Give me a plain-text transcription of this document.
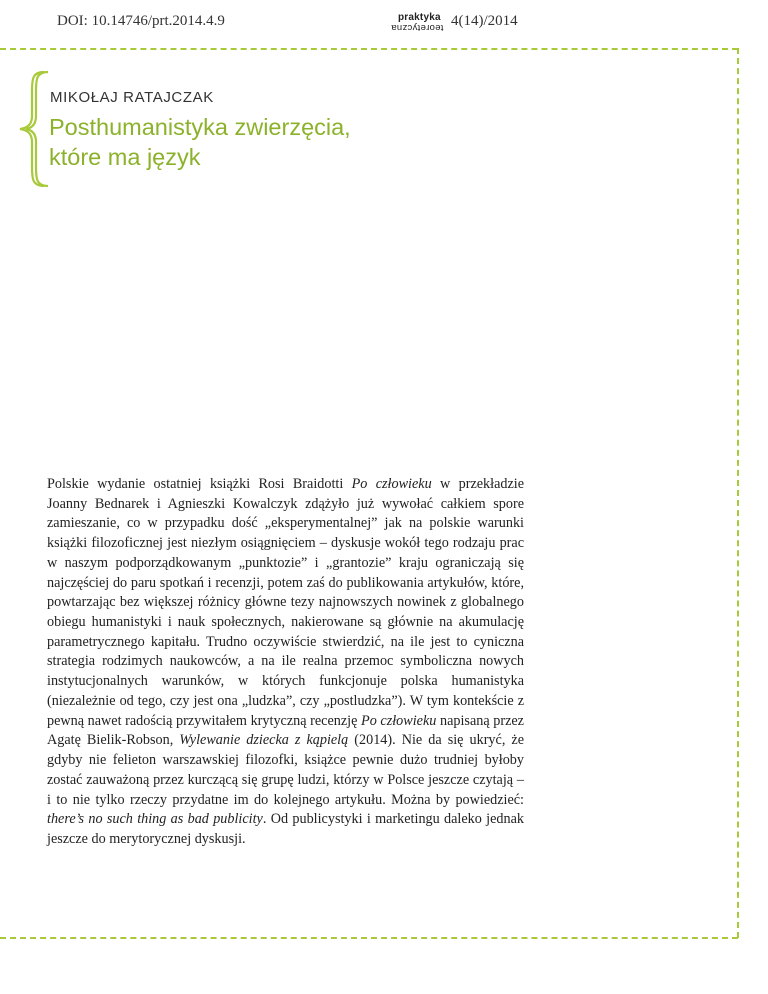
DOI: 10.14746/prt.2014.4.9	praktyka
teoretyczna 4(14)/2014
MIKOŁAJ RATAJCZAK
Posthumanistyka zwierzęcia,
które ma język

Polskie wydanie ostatniej książki Rosi Braidotti Po człowieku w przekładzie Joanny Bednarek i Agnieszki Kowalczyk zdążyło już wywołać całkiem spore zamieszanie, co w przypadku dość „eksperymentalnej” jak na polskie warunki książki filozoficznej jest niezłym osiągnięciem – dyskusje wokół tego rodzaju prac w naszym podporządkowanym „punktozie” i „grantozie” kraju ograniczają się najczęściej do paru spotkań i recenzji, potem zaś do publikowania artykułów, które, powtarzając bez większej różnicy główne tezy najnowszych nowinek z globalnego obiegu humanistyki i nauk społecznych, nakierowane są głównie na akumulację parametrycznego kapitału. Trudno oczywiście stwierdzić, na ile jest to cyniczna strategia rodzimych naukowców, a na ile realna przemoc symboliczna nowych instytucjonalnych warunków, w których funkcjonuje polska humanistyka (niezależnie od tego, czy jest ona „ludzka”, czy „postludzka”). W tym kontekście z pewną nawet radością przywitałem krytyczną recenzję Po człowieku napisaną przez Agatę Bielik-Robson, Wylewanie dziecka z kąpielą (2014). Nie da się ukryć, że gdyby nie felieton warszawskiej filozofki, książce pewnie dużo trudniej byłoby zostać zauważoną przez kurczącą się grupę ludzi, którzy w Polsce jeszcze czytają – i to nie tylko rzeczy przydatne im do kolejnego artykułu. Można by powiedzieć: there’s no such thing as bad publicity. Od publicystyki i marketingu daleko jednak jeszcze do merytorycznej dyskusji.
